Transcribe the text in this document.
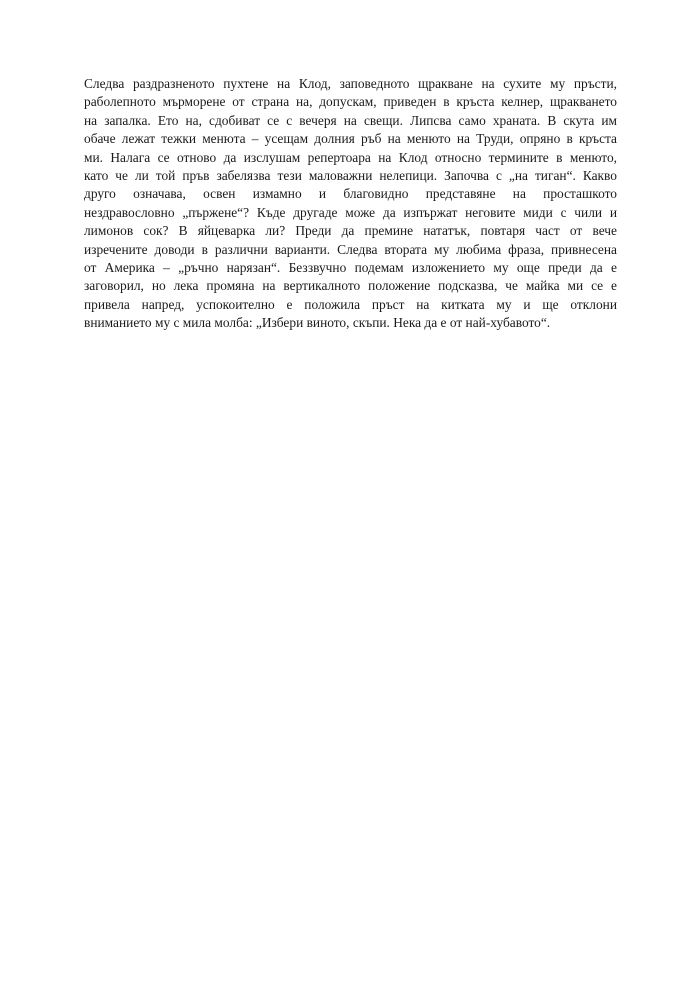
Следва раздразненото пухтене на Клод, заповедното щракване на сухите му пръсти,
раболепното мърморене от страна на, допускам, приведен в кръста келнер, щракването
на запалка. Ето на, сдобиват се с вечеря на свещи. Липсва само храната. В скута им
обаче лежат тежки менюта – усещам долния ръб на менюто на Труди, опряно в кръста
ми. Налага се отново да изслушам репертоара на Клод относно термините в менюто,
като че ли той пръв забелязва тези маловажни нелепици. Започва с „на тиган“. Какво
друго означава, освен измамно и благовидно представяне на просташкото
нездравословно „пържене“? Къде другаде може да изпържат неговите миди с чили и
лимонов сок? В яйцеварка ли? Преди да премине нататък, повтаря част от вече
изречените доводи в различни варианти. Следва втората му любима фраза, привнесена
от Америка – „ръчно нарязан“. Беззвучно подемам изложението му още преди да е
заговорил, но лека промяна на вертикалното положение подсказва, че майка ми се е
привела напред, успокоително е положила пръст на китката му и ще отклони
вниманието му с мила молба: „Избери виното, скъпи. Нека да е от най-хубавото“.
